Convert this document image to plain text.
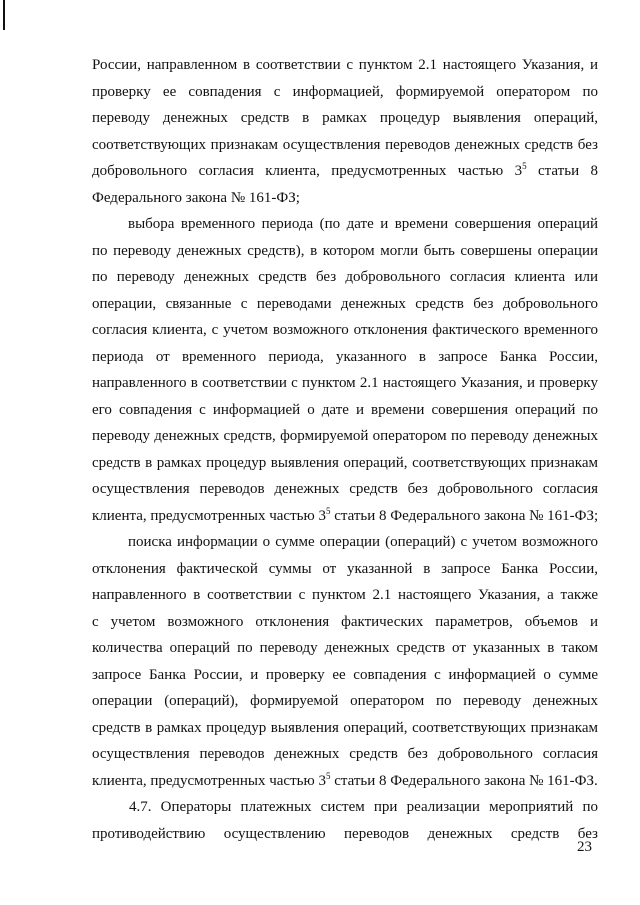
России, направленном в соответствии с пунктом 2.1 настоящего Указания, и
проверку ее совпадения с информацией, формируемой оператором по
переводу денежных средств в рамках процедур выявления операций,
соответствующих признакам осуществления переводов денежных средств без
добровольного согласия клиента, предусмотренных частью $3^5$ статьи 8
Федерального закона № 161-ФЗ;
выбора временного периода (по дате и времени совершения операций
по переводу денежных средств), в котором могли быть совершены операции
по переводу денежных средств без добровольного согласия клиента или
операции, связанные с переводами денежных средств без добровольного
согласия клиента, с учетом возможного отклонения фактического временного
периода от временного периода, указанного в запросе Банка России,
направленного в соответствии с пунктом 2.1 настоящего Указания, и проверку
его совпадения с информацией о дате и времени совершения операций по
переводу денежных средств, формируемой оператором по переводу денежных
средств в рамках процедур выявления операций, соответствующих признакам
осуществления переводов денежных средств без добровольного согласия
клиента, предусмотренных частью $3^5$ статьи 8 Федерального закона № 161-ФЗ;
поиска информации о сумме операции (операций) с учетом возможного
отклонения фактической суммы от указанной в запросе Банка России,
направленного в соответствии с пунктом 2.1 настоящего Указания, а также
с учетом возможного отклонения фактических параметров, объемов и
количества операций по переводу денежных средств от указанных в таком
запросе Банка России, и проверку ее совпадения с информацией о сумме
операции (операций), формируемой оператором по переводу денежных
средств в рамках процедур выявления операций, соответствующих признакам
осуществления переводов денежных средств без добровольного согласия
клиента, предусмотренных частью $3^5$ статьи 8 Федерального закона № 161-ФЗ.
4.7. Операторы платежных систем при реализации мероприятий по
противодействию осуществлению переводов денежных средств без
23
